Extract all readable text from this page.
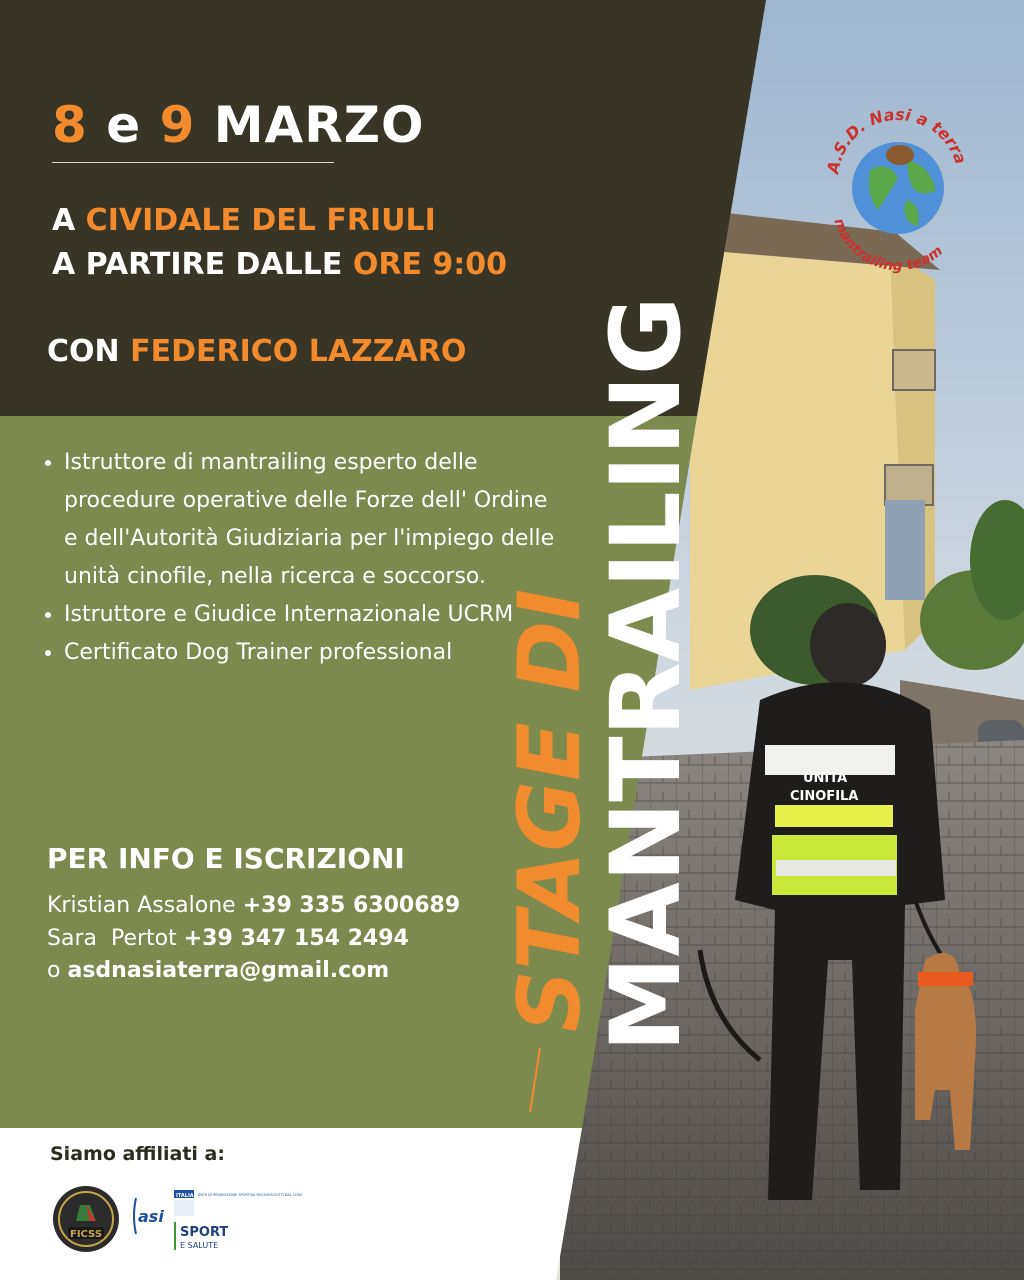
UNITÀ
CINOFILA
8 e 9 MARZO
A CIVIDALE DEL FRIULI
A PARTIRE DALLE ORE 9:00
CON FEDERICO LAZZARO
• Istruttore di mantrailing esperto delle procedure operative delle Forze dell' Ordine e dell'Autorità Giudiziaria per l'impiego delle unità cinofile, nella ricerca e soccorso.
• Istruttore e Giudice Internazionale UCRM
• Certificato Dog Trainer professional
PER INFO E ISCRIZIONI
Kristian Assalone +39 335 6300689
Sara  Pertot +39 347 154 2494
o asdnasiaterra@gmail.com STAGE DI
MANTRAILING
A.S.D. Nasi a terra
mantrailing team
Siamo affiliati a:
FICSS
asi
ITALIA ENTE DI PROMOZIONE SPORTIVA RICONOSCIUTO DAL CONI
SPORT
E SALUTE
